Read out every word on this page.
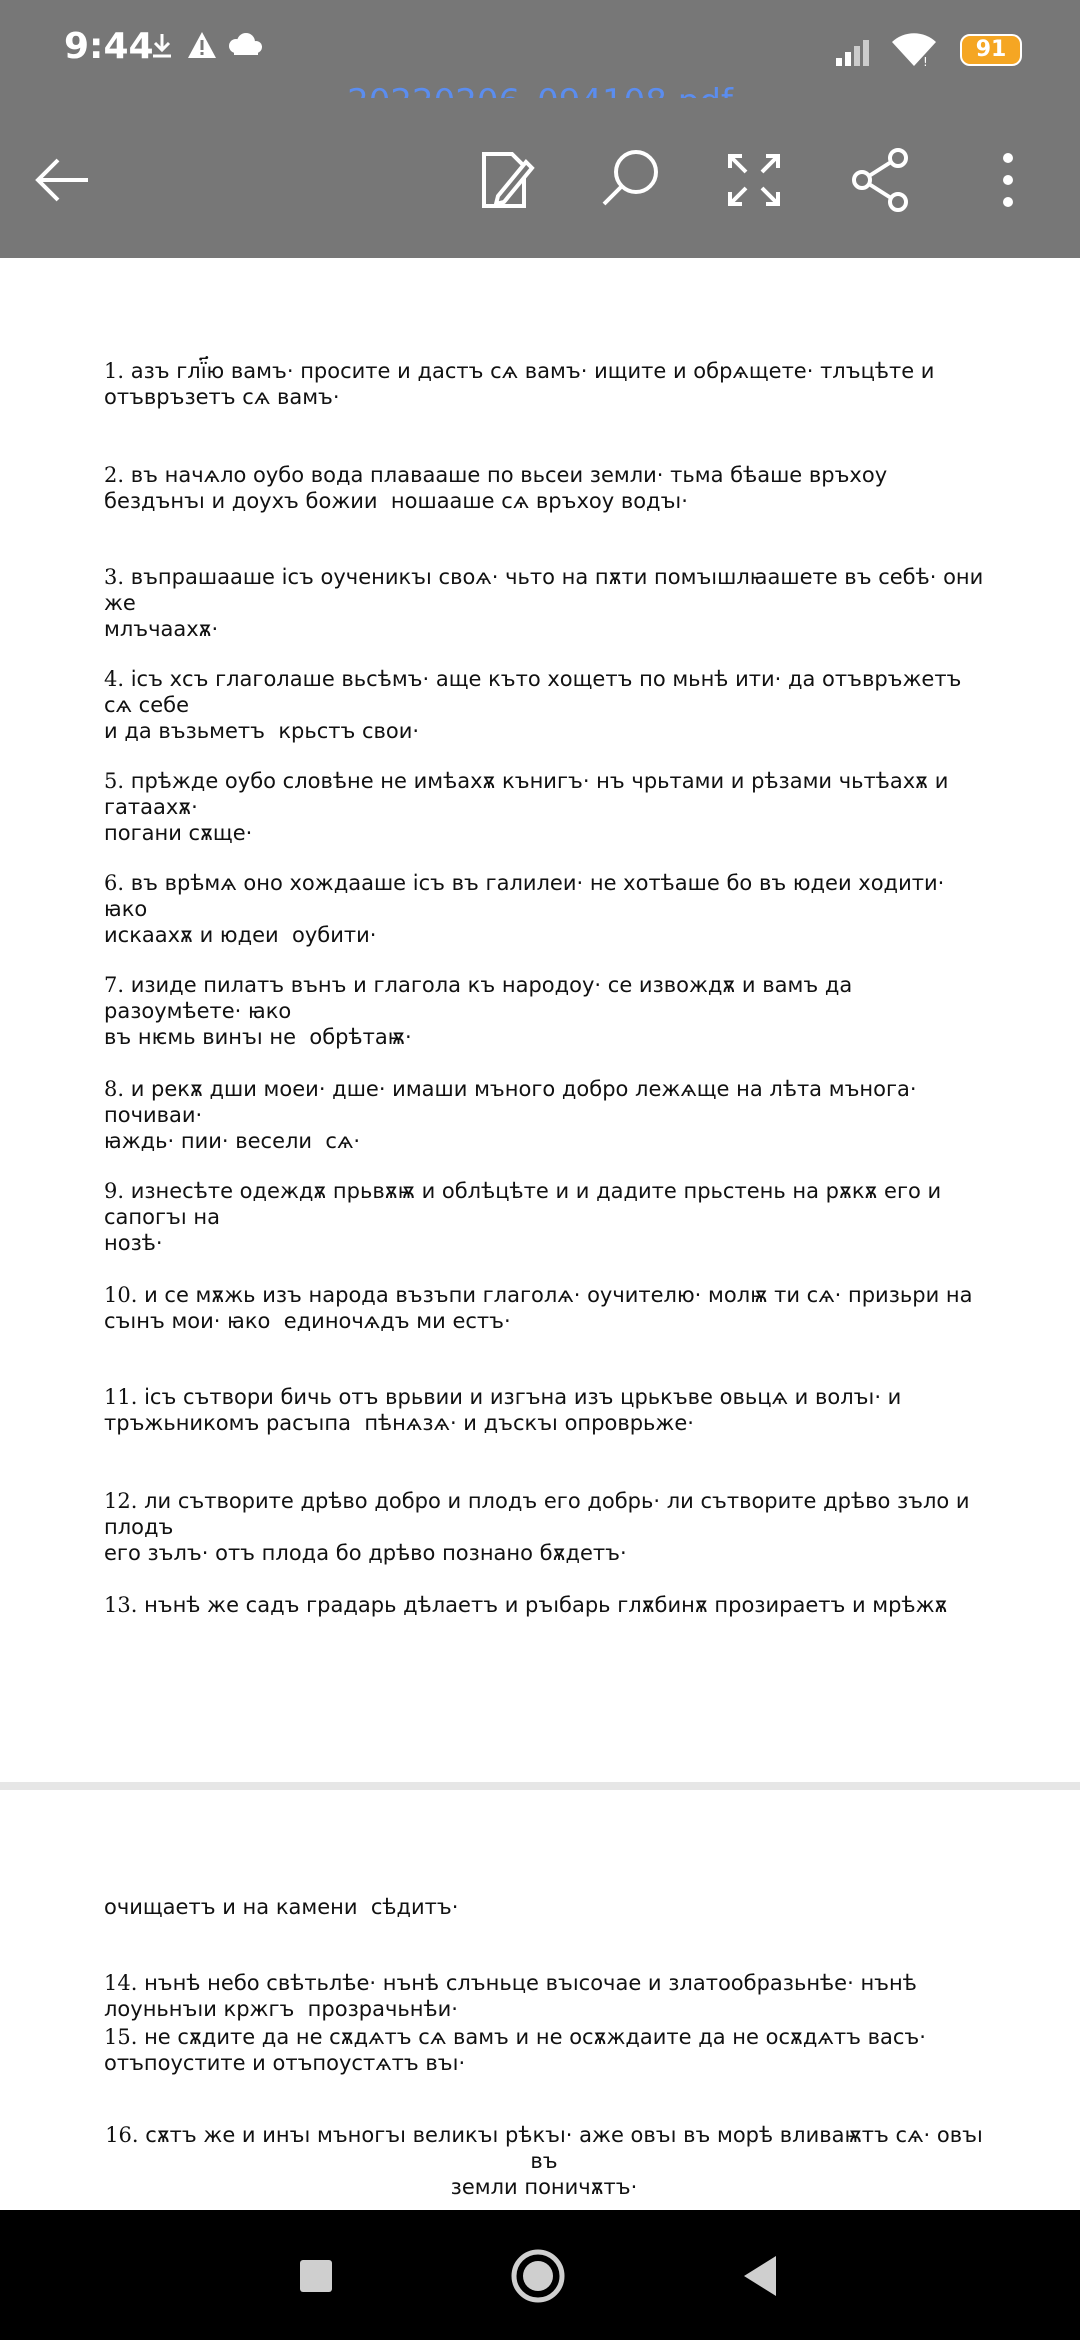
9:44	!	91
1. азъ глї҃ю вамъ· просите и дастъ сѧ вамъ· ищите и обрѧщете· тлъцѣте и отъвръзетъ сѧ вамъ·
2. въ начѧло оубо вода плавааше по вьсеи земли· тьма бѣаше връхоу
бездънъı и доухъ божии  ношааше сѧ връхоу водъı·
3. въпрашааше ісъ оученикъı своѧ· чьто на пѫти помъıшлꙗашете въ себѣ· они же
млъчаахѫ·
4. ісъ хсъ глаголаше вьсѣмъ· аще къто хощетъ по мьнѣ ити· да отъвръжетъ сѧ себе
и да възьметъ  крьстъ свои·
5. прѣжде оубо словѣне не имѣахѫ кънигъ· нъ чрьтами и рѣзами чьтѣахѫ и гатаахѫ·
погани сѫще·
6. въ врѣмѧ оно хождааше ісъ въ галилеи· не хотѣаше бо въ юдеи ходити· ꙗко
искаахѫ и юдеи  оубити·
7. изиде пилатъ вънъ и глагола къ народоу· се извождѫ и вамъ да разоумѣете· ꙗко
въ нѥмь винъı не  обрѣтаѭ·
8. и рекѫ дши моеи· дше· имаши мъного добро лежѧще на лѣта мънога· почиваи·
ꙗждь· пии· весели  сѧ·
9. изнесѣте одеждѫ прьвѫѭ и облѣцѣте и и дадите прьстень на рѫкѫ его и сапогъı на
нозѣ·
10. и се мѫжь изъ народа възъпи глаголѧ· оучителю· молѭ ти сѧ· призьри на
съıнъ мои· ꙗко  единочѧдъ ми естъ·
11. ісъ сътвори бичь отъ врьвии и изгъна изъ црькъве овьцѧ и волъı· и
тръжьникомъ расъıпа  пѣнѧзѧ· и дъскъı опроврьже·
12. ли сътворите дрѣво добро и плодъ его добрь· ли сътворите дрѣво зъло и плодъ
его зълъ· отъ плода бо дрѣво познано бѫдетъ·
13. нънѣ же садъ градарь дѣлаетъ и ръıбарь глѫбинѫ прозираетъ и мрѣжѫ
очищаетъ и на камени  сѣдитъ·
14. нънѣ небо свѣтьлѣе· нънѣ слъньце въıсочае и златообразьнѣе· нънѣ
лоуньнъıи кржгъ  прозрачьнѣи·
15. не сѫдите да не сѫдѧтъ сѧ вамъ и не осѫждаите да не осѫдѧтъ васъ·
отъпоустите и отъпоустѧтъ въı·
16. сѫтъ же и инъı мъногъı великъı рѣкъı· аже овъı въ морѣ вливаѭтъ сѧ· овъı въ
земли поничѫтъ·
